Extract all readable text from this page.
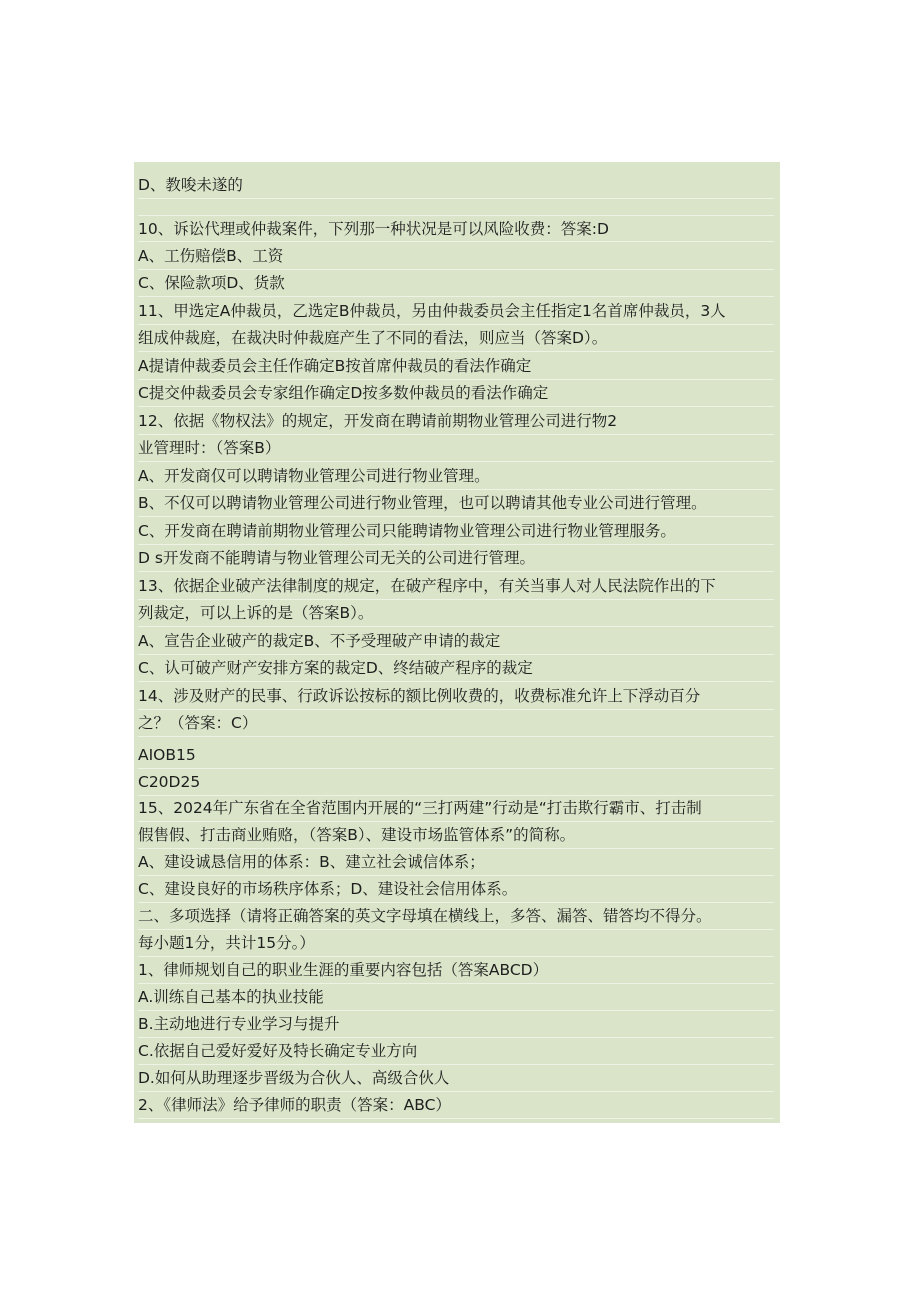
D、教唆未遂的
10、诉讼代理或仲裁案件，下列那一种状况是可以风险收费：答案:D
A、工伤赔偿B、工资
C、保险款项D、货款
11、甲选定A仲裁员，乙选定B仲裁员，另由仲裁委员会主任指定1名首席仲裁员，3人
组成仲裁庭，在裁决时仲裁庭产生了不同的看法，则应当（答案D）。
A提请仲裁委员会主任作确定B按首席仲裁员的看法作确定
C提交仲裁委员会专家组作确定D按多数仲裁员的看法作确定
12、依据《物权法》的规定，开发商在聘请前期物业管理公司进行物2
业管理时：（答案B）
A、开发商仅可以聘请物业管理公司进行物业管理。
B、不仅可以聘请物业管理公司进行物业管理，也可以聘请其他专业公司进行管理。
C、开发商在聘请前期物业管理公司只能聘请物业管理公司进行物业管理服务。
D s开发商不能聘请与物业管理公司无关的公司进行管理。
13、依据企业破产法律制度的规定，在破产程序中，有关当事人对人民法院作出的下
列裁定，可以上诉的是（答案B）。
A、宣告企业破产的裁定B、不予受理破产申请的裁定
C、认可破产财产安排方案的裁定D、终结破产程序的裁定
14、涉及财产的民事、行政诉讼按标的额比例收费的，收费标准允许上下浮动百分
之？（答案：C）
AIOB15
C20D25
15、2024年广东省在全省范围内开展的“三打两建”行动是“打击欺行霸市、打击制
假售假、打击商业贿赂，（答案B）、建设市场监管体系”的简称。
A、建设诚恳信用的体系：B、建立社会诚信体系；
C、建设良好的市场秩序体系；D、建设社会信用体系。
二、多项选择（请将正确答案的英文字母填在横线上，多答、漏答、错答均不得分。
每小题1分，共计15分。）
1、律师规划自己的职业生涯的重要内容包括（答案ABCD）
A.训练自己基本的执业技能
B.主动地进行专业学习与提升
C.依据自己爱好爱好及特长确定专业方向
D.如何从助理逐步晋级为合伙人、高级合伙人
2、《律师法》给予律师的职责（答案：ABC）
